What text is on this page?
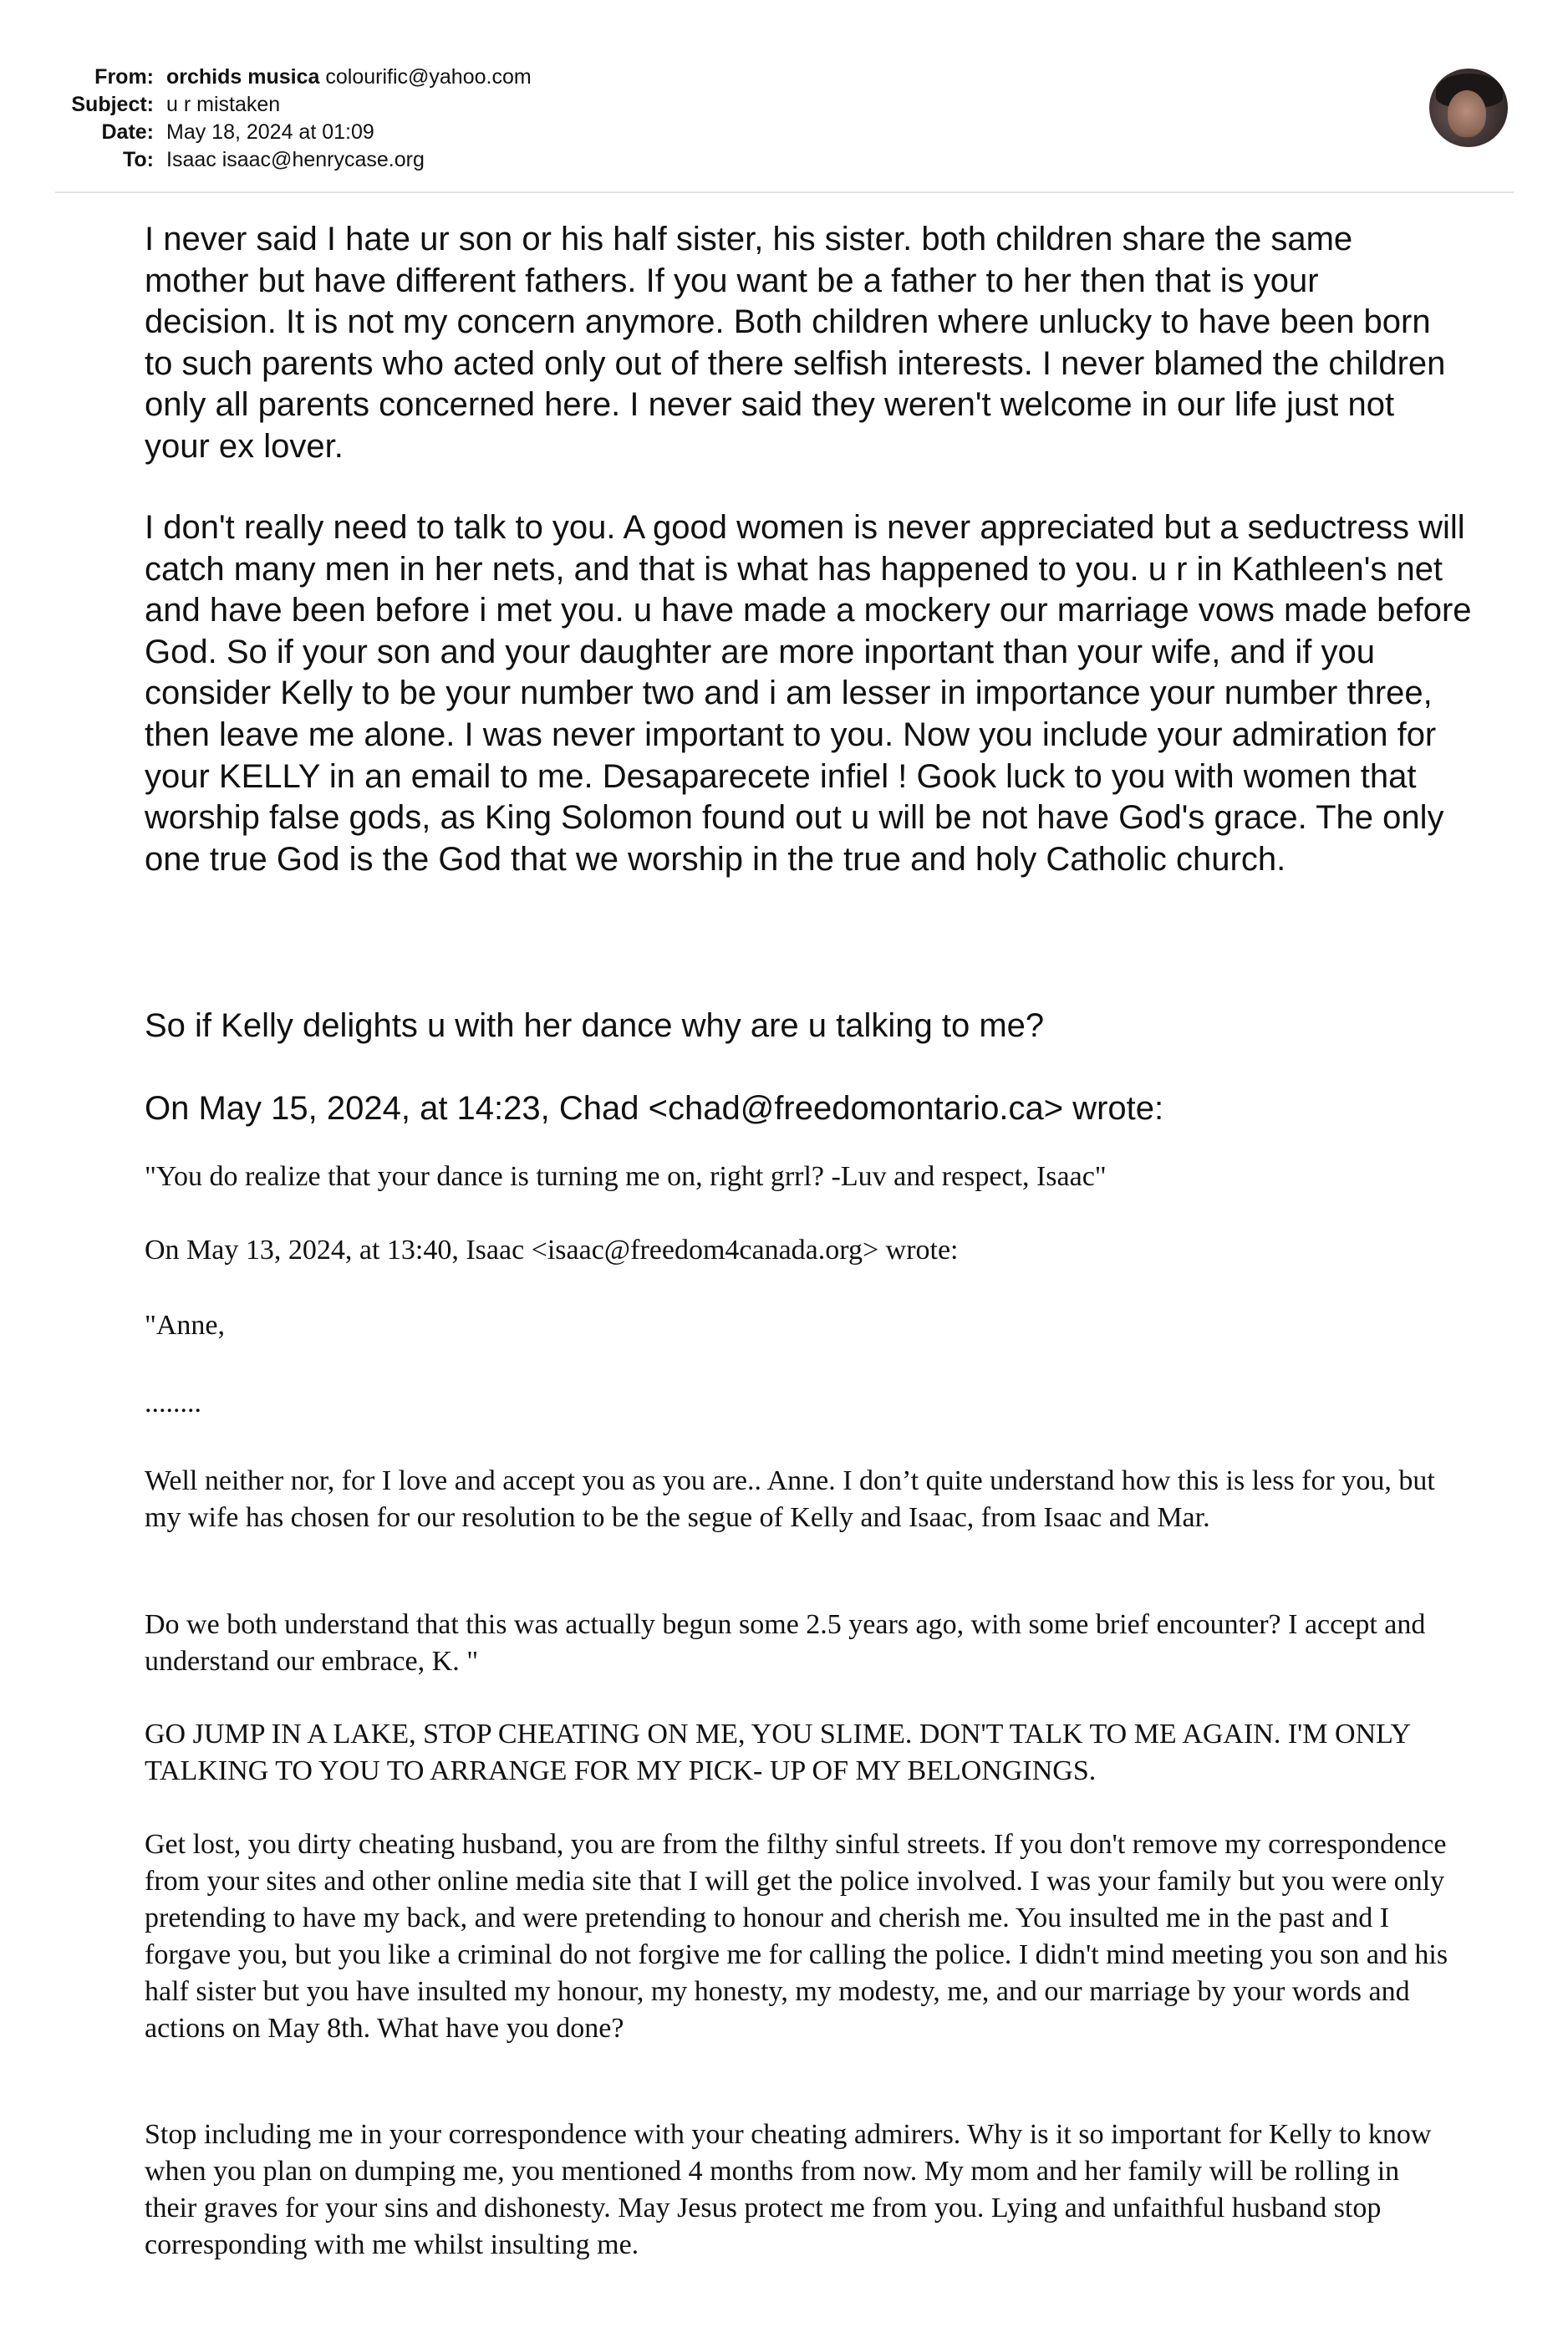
From: orchids musica colourific@yahoo.com
Subject: u r mistaken
Date: May 18, 2024 at 01:09
To: Isaac isaac@henrycase.org

I never said I hate ur son or his half sister, his sister. both children share the same mother but have different fathers. If you want be a father to her then that is your decision. It is not my concern anymore. Both children where unlucky to have been born to such parents who acted only out of there selfish interests. I never blamed the children only all parents concerned here. I never said they weren't welcome in our life just not your ex lover.

I don't really need to talk to you. A good women is never appreciated but a seductress will catch many men in her nets, and that is what has happened to you. u r in Kathleen's net and have been before i met you. u have made a mockery our marriage vows made before God. So if your son and your daughter are more inportant than your wife, and if you consider Kelly to be your number two and i am lesser in importance your number three, then leave me alone. I was never important to you. Now you include your admiration for your KELLY in an email to me. Desaparecete infiel ! Gook luck to you with women that worship false gods, as King Solomon found out u will be not have God's grace. The only one true God is the God that we worship in the true and holy Catholic church.

So if Kelly delights u with her dance why are u talking to me?

On May 15, 2024, at 14:23, Chad <chad@freedomontario.ca> wrote:

"You do realize that your dance is turning me on, right grrl? -Luv and respect, Isaac"

On May 13, 2024, at 13:40, Isaac <isaac@freedom4canada.org> wrote:

"Anne,

........

Well neither nor, for I love and accept you as you are.. Anne. I don’t quite understand how this is less for you, but my wife has chosen for our resolution to be the segue of Kelly and Isaac, from Isaac and Mar.

Do we both understand that this was actually begun some 2.5 years ago, with some brief encounter? I accept and understand our embrace, K. "

GO JUMP IN A LAKE, STOP CHEATING ON ME, YOU SLIME. DON'T TALK TO ME AGAIN. I'M ONLY TALKING TO YOU TO ARRANGE FOR MY PICK- UP OF MY BELONGINGS.

Get lost, you dirty cheating husband, you are from the filthy sinful streets. If you don't remove my correspondence from your sites and other online media site that I will get the police involved. I was your family but you were only pretending to have my back, and were pretending to honour and cherish me. You insulted me in the past and I forgave you, but you like a criminal do not forgive me for calling the police. I didn't mind meeting you son and his half sister but you have insulted my honour, my honesty, my modesty, me, and our marriage by your words and actions on May 8th. What have you done?

Stop including me in your correspondence with your cheating admirers. Why is it so important for Kelly to know when you plan on dumping me, you mentioned 4 months from now. My mom and her family will be rolling in their graves for your sins and dishonesty. May Jesus protect me from you. Lying and unfaithful husband stop corresponding with me whilst insulting me.
